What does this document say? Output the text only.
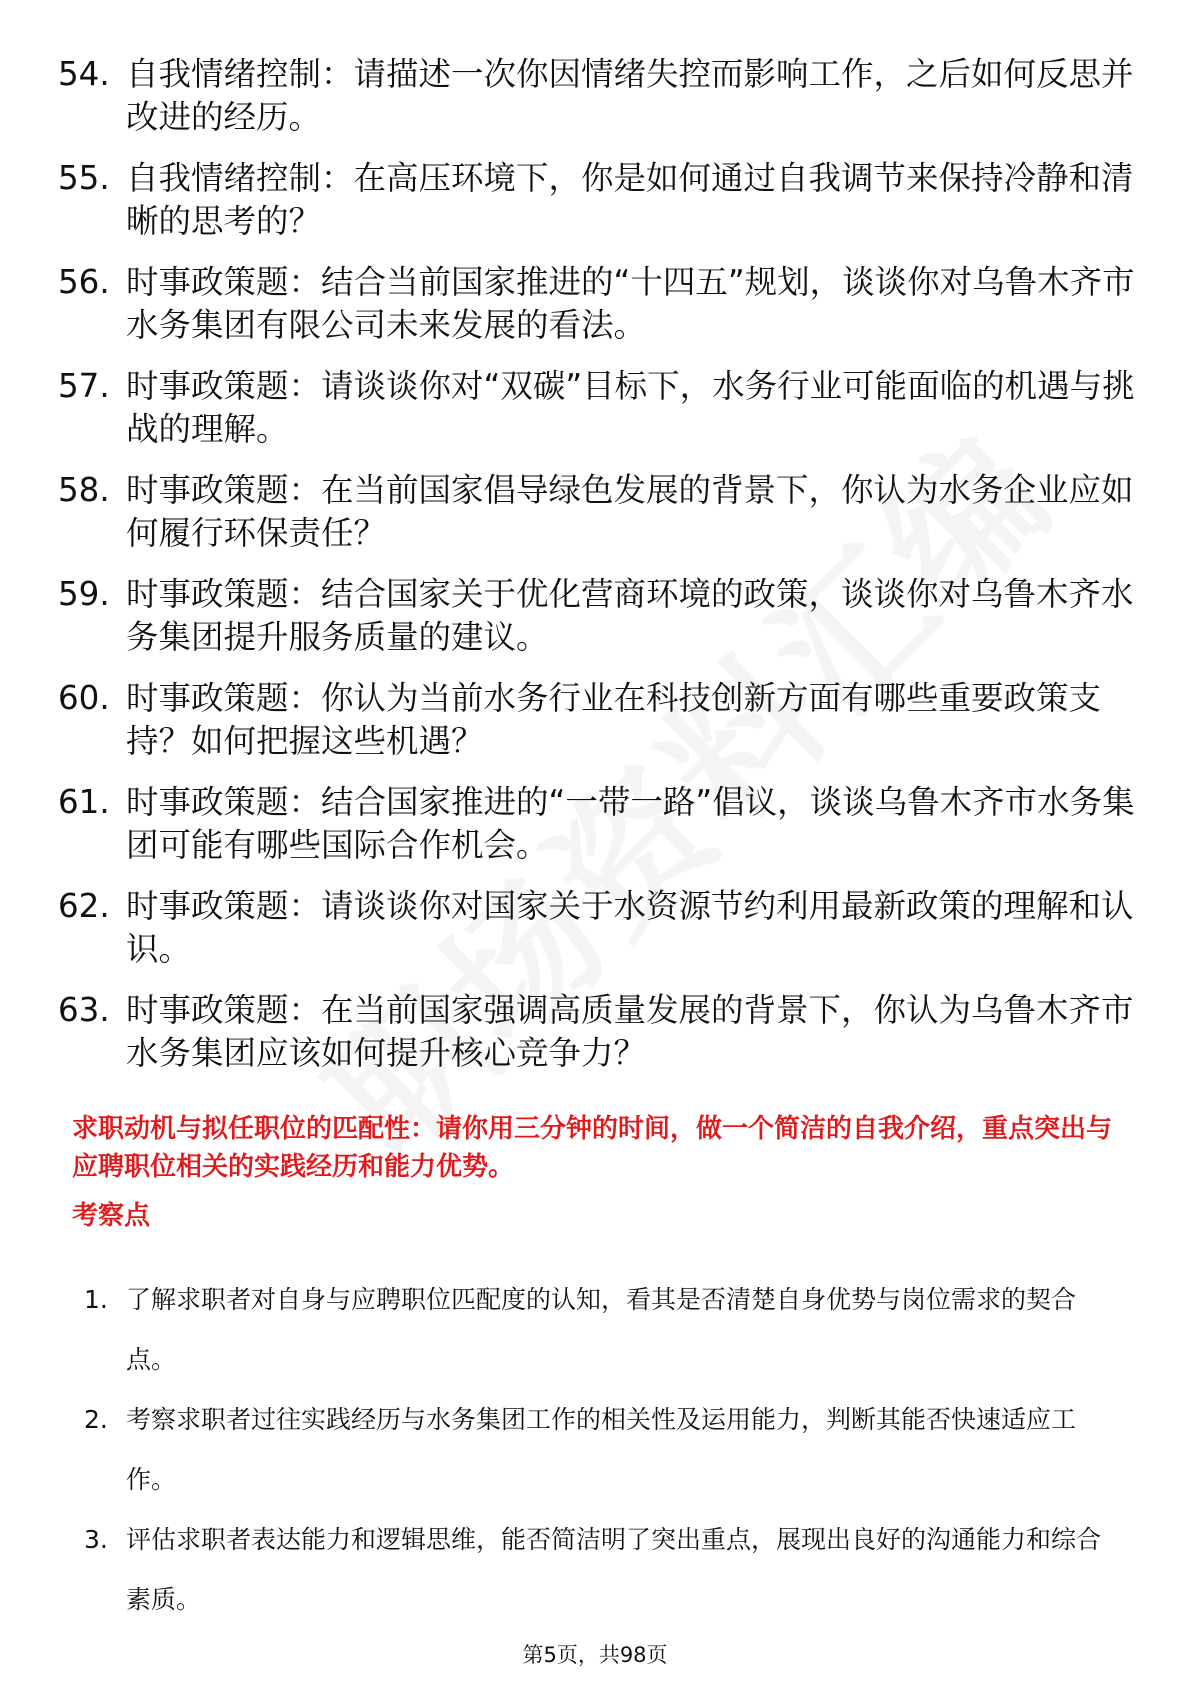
54. 自我情绪控制：请描述一次你因情绪失控而影响工作，之后如何反思并改进的经历。
55. 自我情绪控制：在高压环境下，你是如何通过自我调节来保持冷静和清晰的思考的？
56. 时事政策题：结合当前国家推进的“十四五”规划，谈谈你对乌鲁木齐市水务集团有限公司未来发展的看法。
57. 时事政策题：请谈谈你对“双碳”目标下，水务行业可能面临的机遇与挑战的理解。
58. 时事政策题：在当前国家倡导绿色发展的背景下，你认为水务企业应如何履行环保责任？
59. 时事政策题：结合国家关于优化营商环境的政策，谈谈你对乌鲁木齐水务集团提升服务质量的建议。
60. 时事政策题：你认为当前水务行业在科技创新方面有哪些重要政策支持？如何把握这些机遇？
61. 时事政策题：结合国家推进的“一带一路”倡议，谈谈乌鲁木齐市水务集团可能有哪些国际合作机会。
62. 时事政策题：请谈谈你对国家关于水资源节约利用最新政策的理解和认识。
63. 时事政策题：在当前国家强调高质量发展的背景下，你认为乌鲁木齐市水务集团应该如何提升核心竞争力？

求职动机与拟任职位的匹配性：请你用三分钟的时间，做一个简洁的自我介绍，重点突出与应聘职位相关的实践经历和能力优势。

考察点

1. 了解求职者对自身与应聘职位匹配度的认知，看其是否清楚自身优势与岗位需求的契合点。
2. 考察求职者过往实践经历与水务集团工作的相关性及运用能力，判断其能否快速适应工作。
3. 评估求职者表达能力和逻辑思维，能否简洁明了突出重点，展现出良好的沟通能力和综合素质。
第5页，共98页
